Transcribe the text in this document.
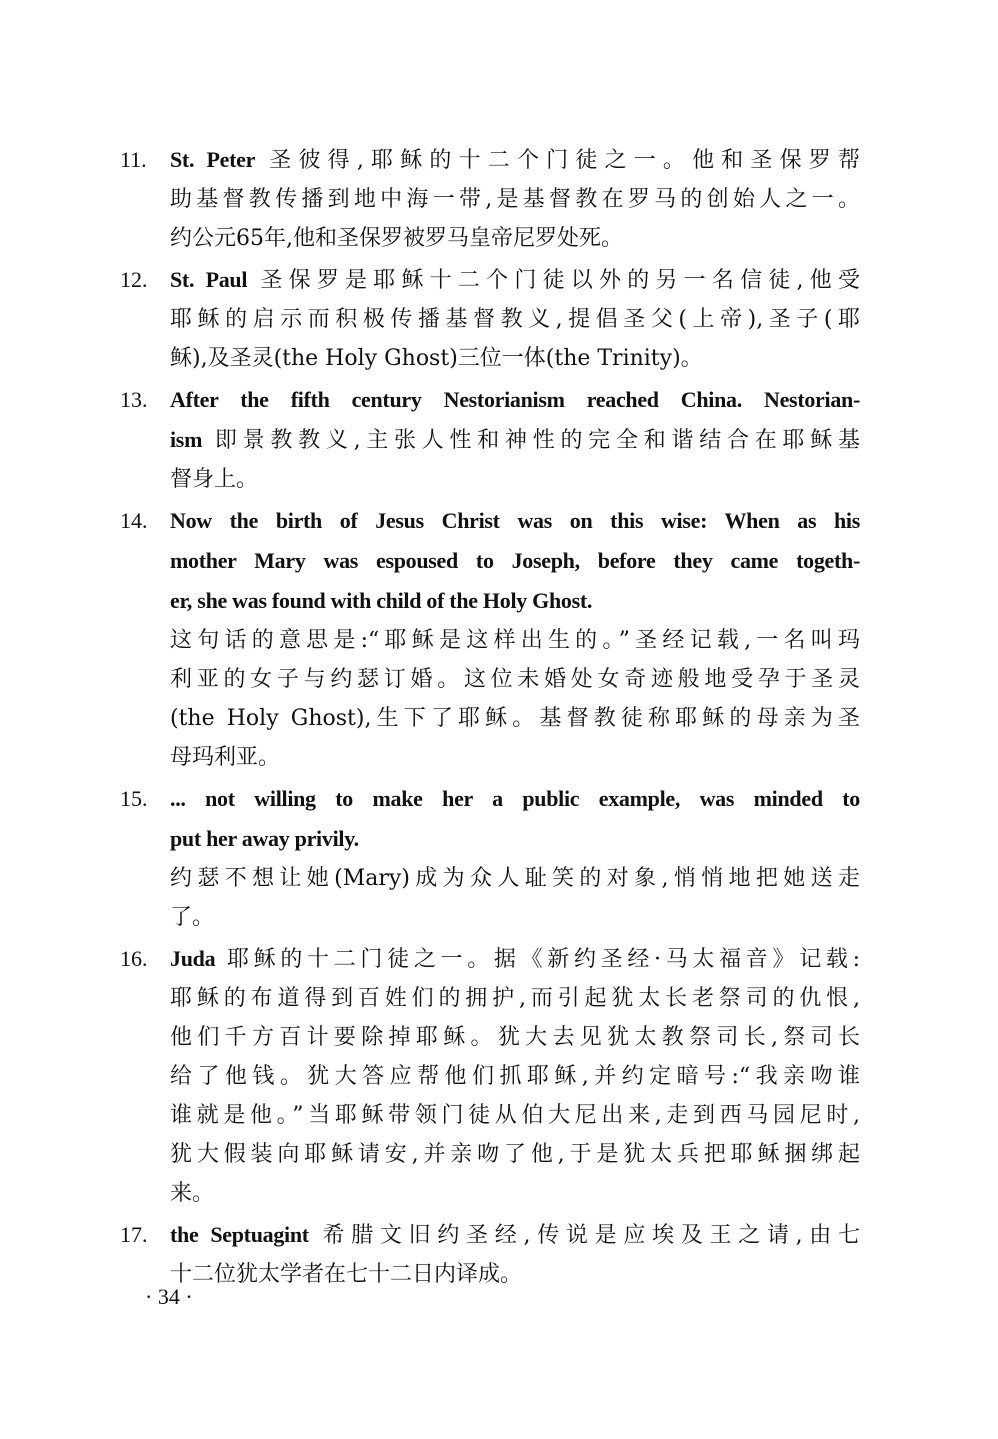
11.	St. Peter 圣彼得,耶稣的十二个门徒之一。他和圣保罗帮
助基督教传播到地中海一带,是基督教在罗马的创始人之一。
约公元65年,他和圣保罗被罗马皇帝尼罗处死。
12.	St. Paul 圣保罗是耶稣十二个门徒以外的另一名信徒,他受
耶稣的启示而积极传播基督教义,提倡圣父(上帝),圣子(耶
稣),及圣灵(the Holy Ghost)三位一体(the Trinity)。
13.	After the fifth century Nestorianism reached China. Nestorian-
ism 即景教教义,主张人性和神性的完全和谐结合在耶稣基
督身上。
14.	Now the birth of Jesus Christ was on this wise: When as his
mother Mary was espoused to Joseph, before they came togeth-
er, she was found with child of the Holy Ghost.
这句话的意思是:“耶稣是这样出生的。”圣经记载,一名叫玛
利亚的女子与约瑟订婚。这位未婚处女奇迹般地受孕于圣灵
(the Holy Ghost),生下了耶稣。基督教徒称耶稣的母亲为圣
母玛利亚。
15.	... not willing to make her a public example, was minded to
put her away privily.
约瑟不想让她(Mary)成为众人耻笑的对象,悄悄地把她送走
了。
16.	Juda 耶稣的十二门徒之一。据《新约圣经·马太福音》记载:
耶稣的布道得到百姓们的拥护,而引起犹太长老祭司的仇恨,
他们千方百计要除掉耶稣。犹大去见犹太教祭司长,祭司长
给了他钱。犹大答应帮他们抓耶稣,并约定暗号:“我亲吻谁
谁就是他。”当耶稣带领门徒从伯大尼出来,走到西马园尼时,
犹大假装向耶稣请安,并亲吻了他,于是犹太兵把耶稣捆绑起
来。
17.	the Septuagint 希腊文旧约圣经,传说是应埃及王之请,由七
十二位犹太学者在七十二日内译成。
· 34 ·
